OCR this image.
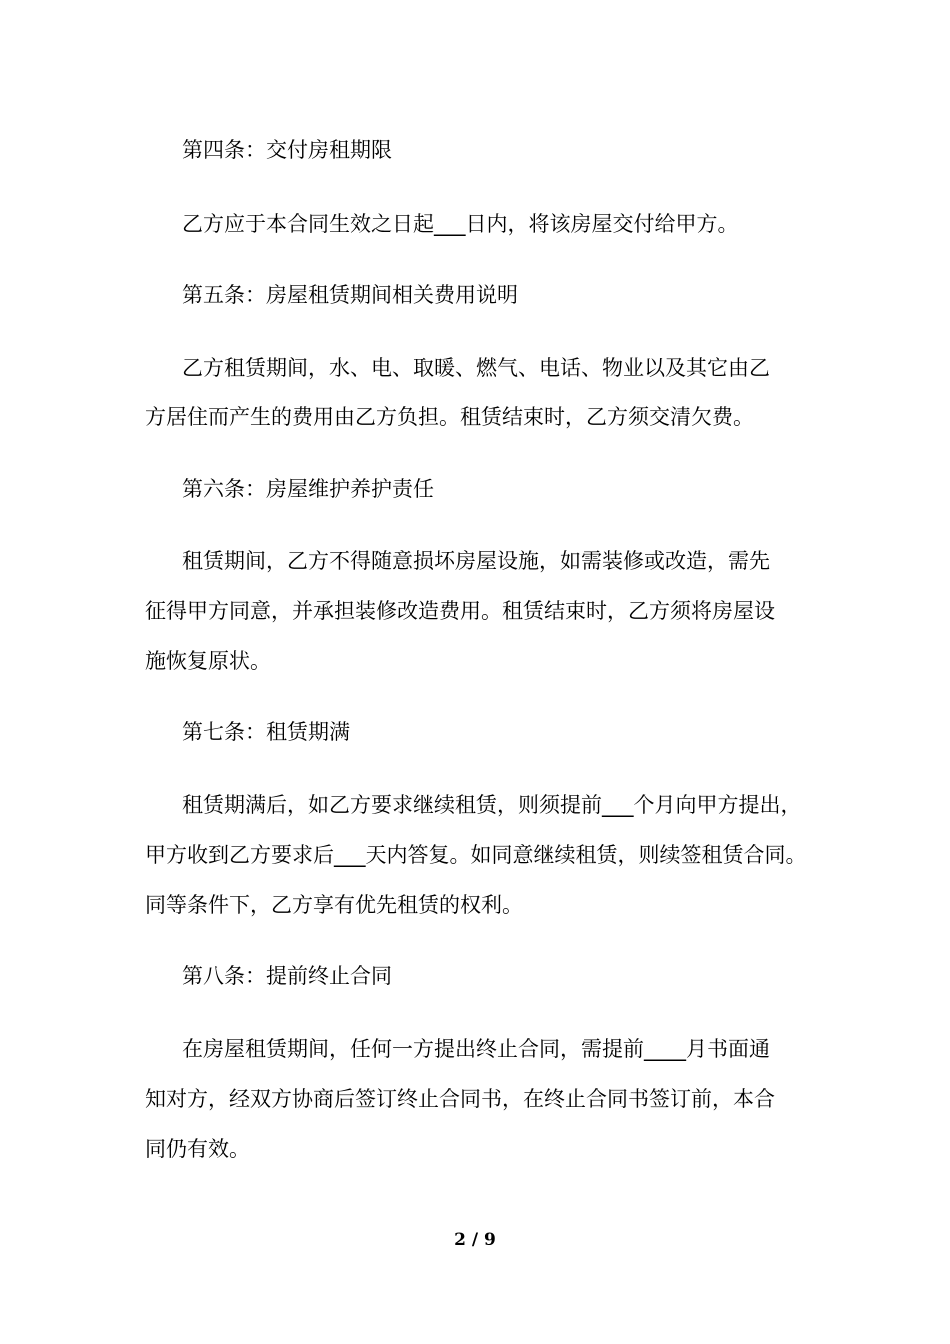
第四条：交付房租期限
乙方应于本合同生效之日起___日内，将该房屋交付给甲方。
第五条：房屋租赁期间相关费用说明
乙方租赁期间，水、电、取暖、燃气、电话、物业以及其它由乙
方居住而产生的费用由乙方负担。租赁结束时，乙方须交清欠费。
第六条：房屋维护养护责任
租赁期间，乙方不得随意损坏房屋设施，如需装修或改造，需先
征得甲方同意，并承担装修改造费用。租赁结束时，乙方须将房屋设
施恢复原状。
第七条：租赁期满
租赁期满后，如乙方要求继续租赁，则须提前___个月向甲方提出，
甲方收到乙方要求后___天内答复。如同意继续租赁，则续签租赁合同。
同等条件下，乙方享有优先租赁的权利。
第八条：提前终止合同
在房屋租赁期间，任何一方提出终止合同，需提前____月书面通
知对方，经双方协商后签订终止合同书，在终止合同书签订前，本合
同仍有效。
2 / 9
